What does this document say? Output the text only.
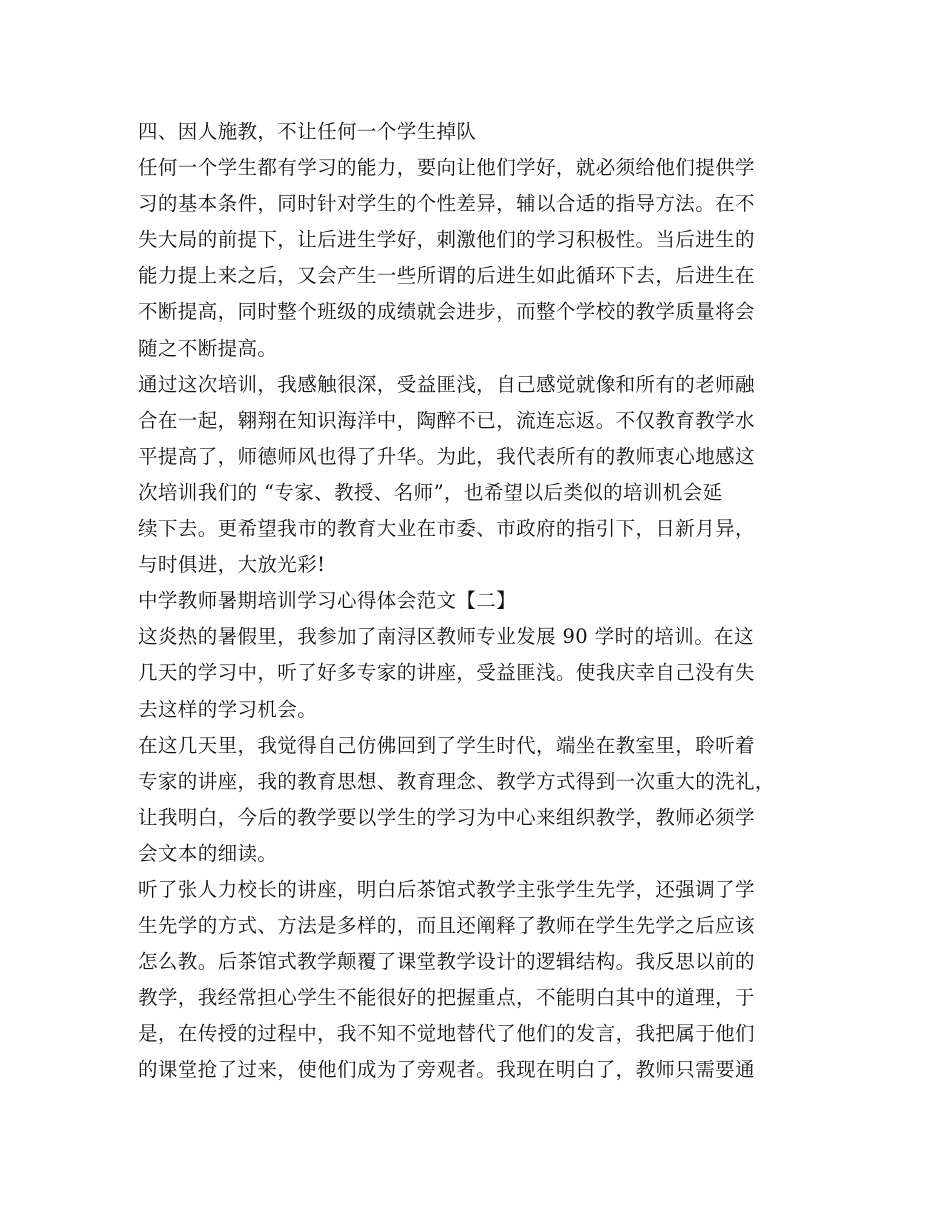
四、因人施教，不让任何一个学生掉队
任何一个学生都有学习的能力，要向让他们学好，就必须给他们提供学
习的基本条件，同时针对学生的个性差异，辅以合适的指导方法。在不
失大局的前提下，让后进生学好，刺激他们的学习积极性。当后进生的
能力提上来之后，又会产生一些所谓的后进生如此循环下去，后进生在
不断提高，同时整个班级的成绩就会进步，而整个学校的教学质量将会
随之不断提高。
通过这次培训，我感触很深，受益匪浅，自己感觉就像和所有的老师融
合在一起，翱翔在知识海洋中，陶醉不已，流连忘返。不仅教育教学水
平提高了，师德师风也得了升华。为此，我代表所有的教师衷心地感这
次培训我们的 “专家、教授、名师”，也希望以后类似的培训机会延
续下去。更希望我市的教育大业在市委、市政府的指引下，日新月异，
与时俱进，大放光彩!
中学教师暑期培训学习心得体会范文【二】
这炎热的暑假里，我参加了南浔区教师专业发展 90 学时的培训。在这
几天的学习中，听了好多专家的讲座，受益匪浅。使我庆幸自己没有失
去这样的学习机会。
在这几天里，我觉得自己仿佛回到了学生时代，端坐在教室里，聆听着
专家的讲座，我的教育思想、教育理念、教学方式得到一次重大的洗礼，
让我明白，今后的教学要以学生的学习为中心来组织教学，教师必须学
会文本的细读。
听了张人力校长的讲座，明白后茶馆式教学主张学生先学，还强调了学
生先学的方式、方法是多样的，而且还阐释了教师在学生先学之后应该
怎么教。后茶馆式教学颠覆了课堂教学设计的逻辑结构。我反思以前的
教学，我经常担心学生不能很好的把握重点，不能明白其中的道理，于
是，在传授的过程中，我不知不觉地替代了他们的发言，我把属于他们
的课堂抢了过来，使他们成为了旁观者。我现在明白了，教师只需要通
